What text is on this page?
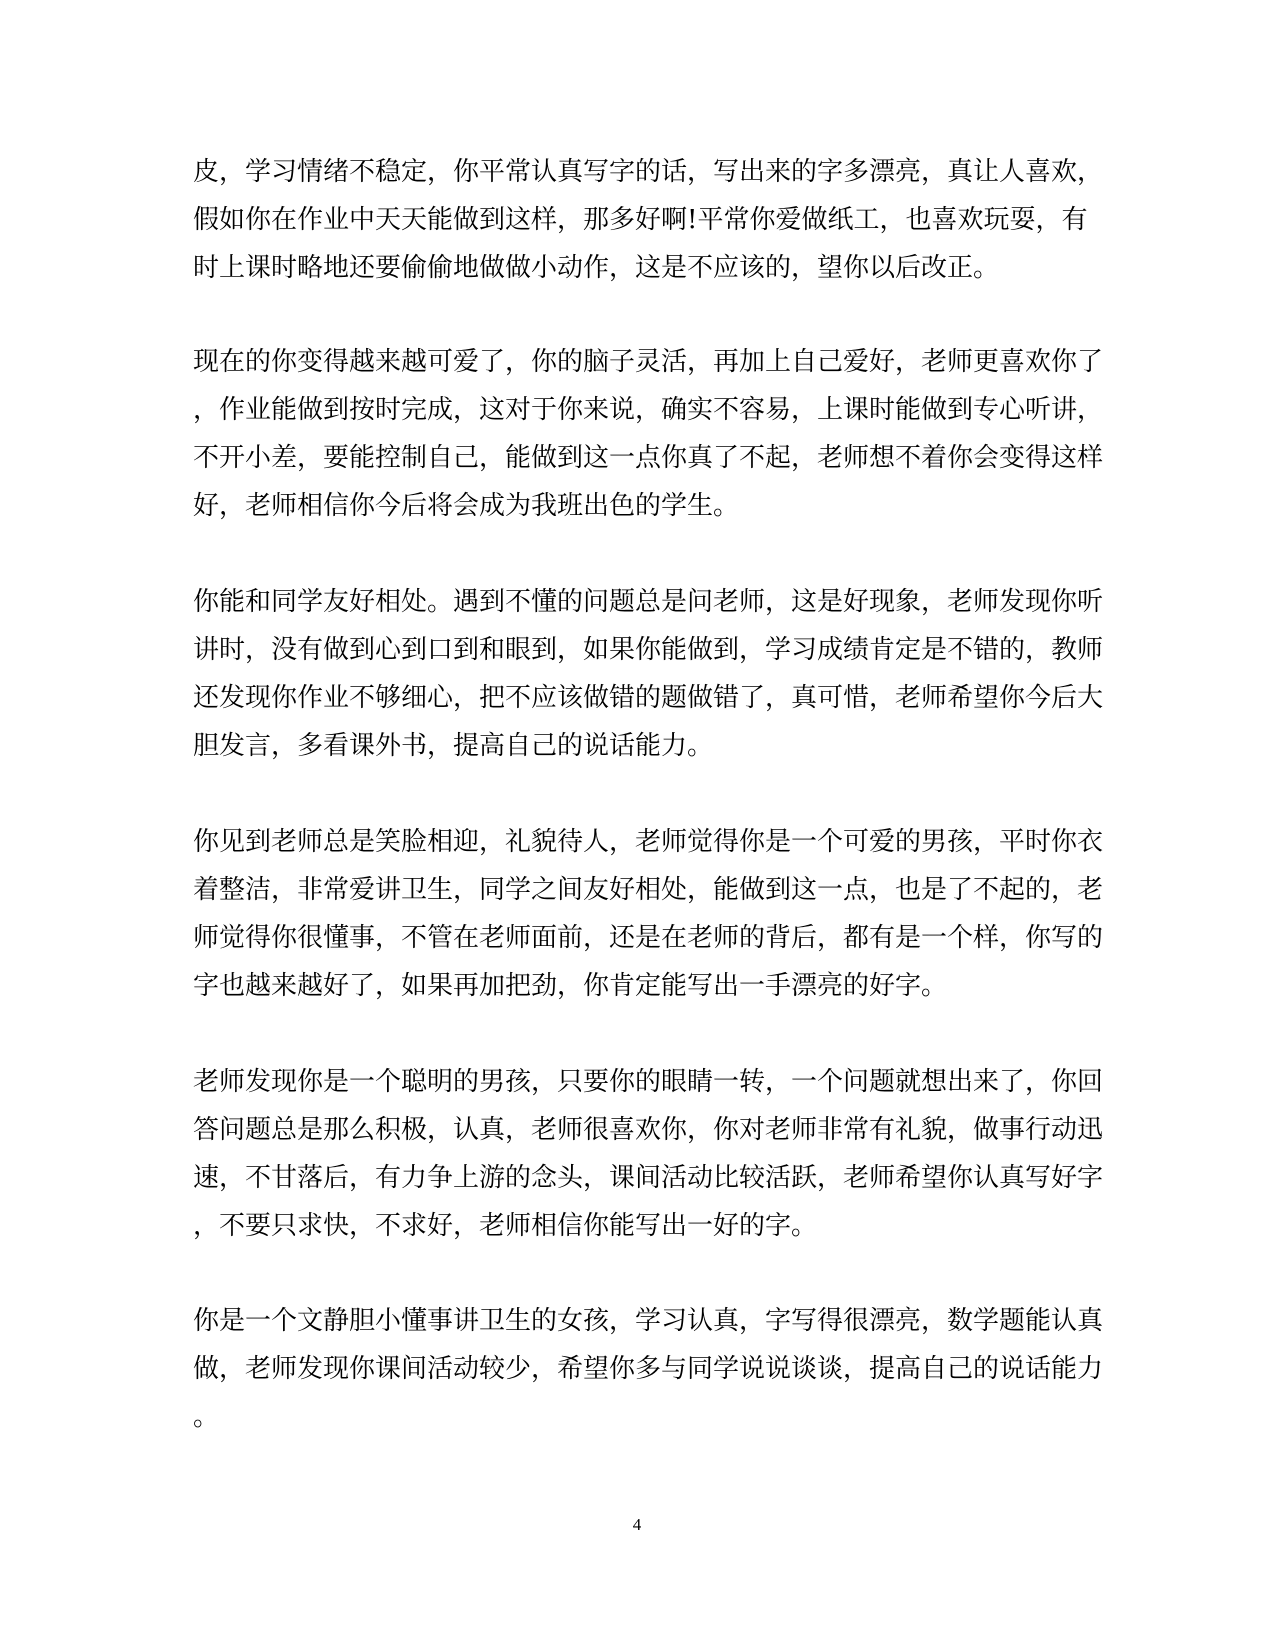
皮，学习情绪不稳定，你平常认真写字的话，写出来的字多漂亮，真让人喜欢，
假如你在作业中天天能做到这样，那多好啊!平常你爱做纸工，也喜欢玩耍，有
时上课时略地还要偷偷地做做小动作，这是不应该的，望你以后改正。
现在的你变得越来越可爱了，你的脑子灵活，再加上自己爱好，老师更喜欢你了
，作业能做到按时完成，这对于你来说，确实不容易，上课时能做到专心听讲，
不开小差，要能控制自己，能做到这一点你真了不起，老师想不着你会变得这样
好，老师相信你今后将会成为我班出色的学生。
你能和同学友好相处。遇到不懂的问题总是问老师，这是好现象，老师发现你听
讲时，没有做到心到口到和眼到，如果你能做到，学习成绩肯定是不错的，教师
还发现你作业不够细心，把不应该做错的题做错了，真可惜，老师希望你今后大
胆发言，多看课外书，提高自己的说话能力。
你见到老师总是笑脸相迎，礼貌待人，老师觉得你是一个可爱的男孩，平时你衣
着整洁，非常爱讲卫生，同学之间友好相处，能做到这一点，也是了不起的，老
师觉得你很懂事，不管在老师面前，还是在老师的背后，都有是一个样，你写的
字也越来越好了，如果再加把劲，你肯定能写出一手漂亮的好字。
老师发现你是一个聪明的男孩，只要你的眼睛一转，一个问题就想出来了，你回
答问题总是那么积极，认真，老师很喜欢你，你对老师非常有礼貌，做事行动迅
速，不甘落后，有力争上游的念头，课间活动比较活跃，老师希望你认真写好字
，不要只求快，不求好，老师相信你能写出一好的字。
你是一个文静胆小懂事讲卫生的女孩，学习认真，字写得很漂亮，数学题能认真
做，老师发现你课间活动较少，希望你多与同学说说谈谈，提高自己的说话能力
。
4
